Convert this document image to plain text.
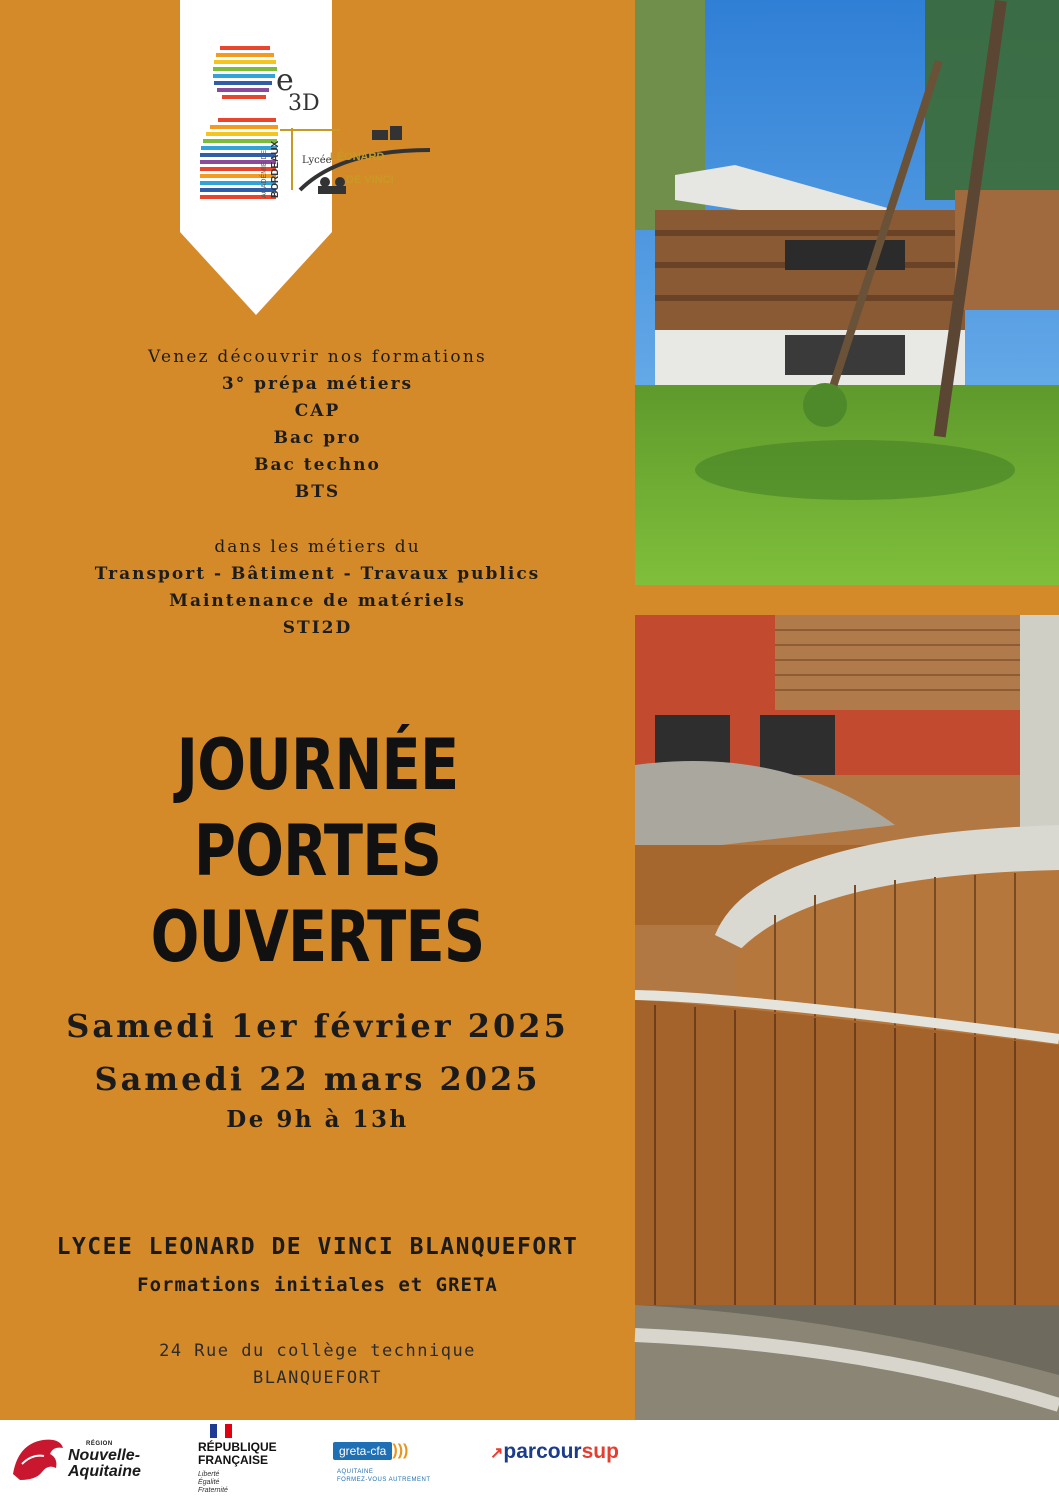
e
3D
ACADÉMIE DE BORDEAUX Lycée
LÉONARD
DE VINCI
Venez découvrir nos formations
3° prépa métiers
CAP
Bac pro
Bac techno
BTS
dans les métiers du
Transport - Bâtiment - Travaux publics
Maintenance de matériels
STI2D
JOURNÉE PORTES
OUVERTES
Samedi 1er février 2025
Samedi 22 mars 2025
De 9h à 13h
LYCEE LEONARD DE VINCI BLANQUEFORT
Formations initiales et GRETA
24 Rue du collège technique
BLANQUEFORT
RÉGION
Nouvelle-
Aquitaine
RÉPUBLIQUE
FRANÇAISE
Liberté
Égalité
Fraternité
greta-cfa )))
AQUITAINE
FORMEZ-VOUS AUTREMENT
↗parcoursup
